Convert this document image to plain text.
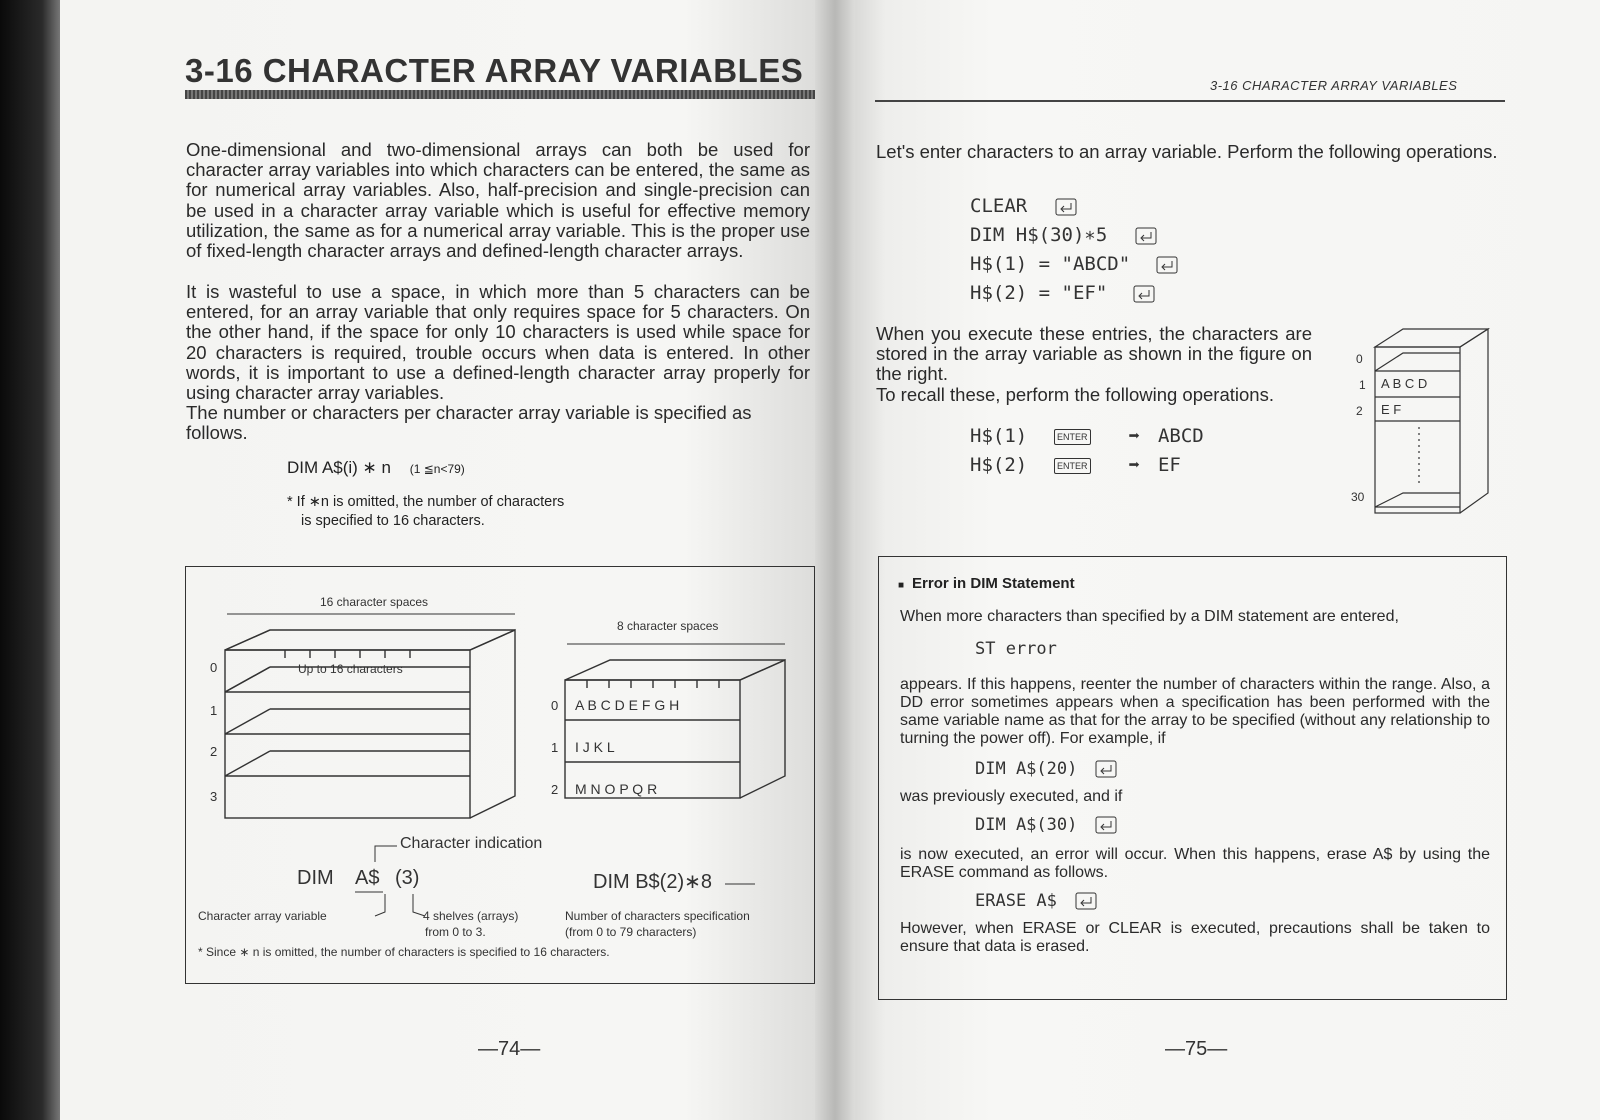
3-16 CHARACTER ARRAY VARIABLES

One-dimensional and two-dimensional arrays can both be used for character array variables into which characters can be entered, the same as for numerical array variables. Also, half-precision and single-precision can be used in a character array variable which is useful for effective memory utilization, the same as for a numerical array variable. This is the proper use of fixed-length character arrays and defined-length character arrays.

It is wasteful to use a space, in which more than 5 characters can be entered, for an array variable that only requires space for 5 characters. On the other hand, if the space for only 10 characters is used while space for 20 characters is required, trouble occurs when data is entered. In other words, it is important to use a defined-length character array properly for using character array variables.

The number or characters per character array variable is specified as follows.

DIM A$(i) ∗ n (1 ≦n<79)
* If ∗n is omitted, the number of characters
is specified to 16 characters.
16 character spaces
Up to 16 characters
0
1
2
3
8 character spaces
0 A B C D E F G H
1 I J K L
2 M N O P Q R
Character indication
DIM A$ (3)	DIM B$(2)∗8
Character array variable	4 shelves (arrays)
from 0 to 3.
Number of characters specification
(from 0 to 79 characters)
* Since ∗ n is omitted, the number of characters is specified to 16 characters.
—74—
3-16 CHARACTER ARRAY VARIABLES

Let's enter characters to an array variable. Perform the following operations.

CLEAR
DIM H$(30)∗5
H$(1) = "ABCD"
H$(2) = "EF"

When you execute these entries, the characters are stored in the array variable as shown in the figure on the right.

To recall these, perform the following operations.

H$(1)	ENTER ➡ ABCD
H$(2)	ENTER ➡ EF
0
1
2
30
A B C D
E F
■ Error in DIM Statement
When more characters than specified by a DIM statement are entered,
ST error
appears. If this happens, reenter the number of characters within the range. Also, a DD error sometimes appears when a specification has been performed with the same variable name as that for the array to be specified (without any relationship to turning the power off). For example, if
DIM A$(20)
was previously executed, and if
DIM A$(30)
is now executed, an error will occur. When this happens, erase A$ by using the ERASE command as follows.
ERASE A$
However, when ERASE or CLEAR is executed, precautions shall be taken to ensure that data is erased.
—75—
